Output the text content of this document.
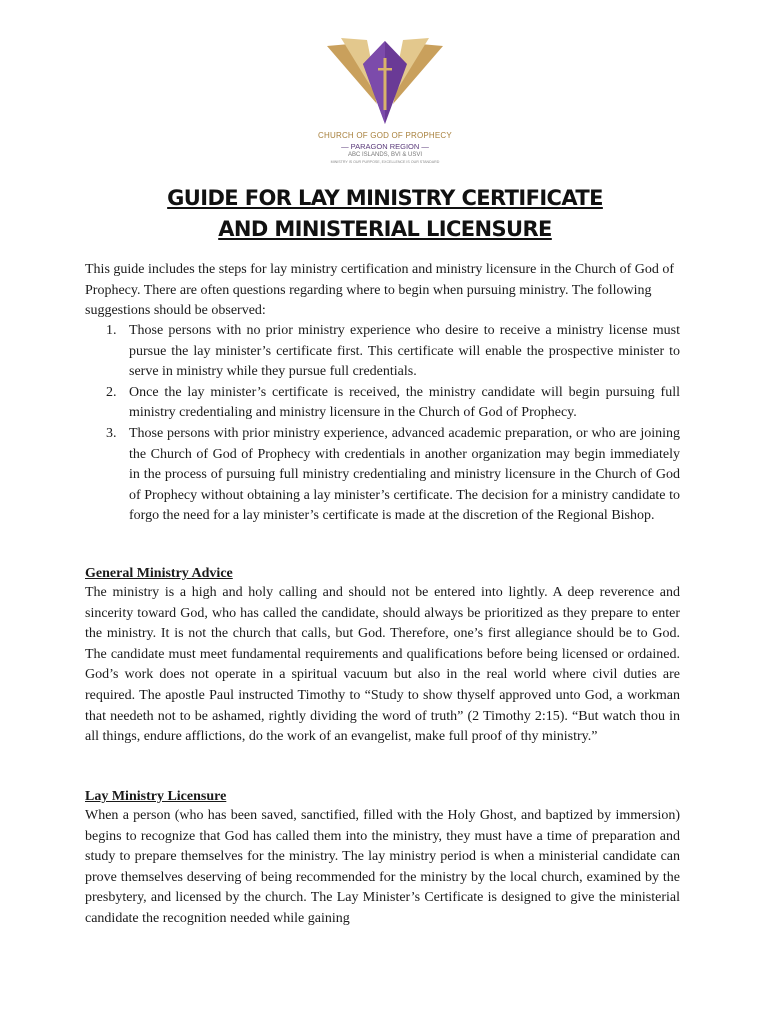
CHURCH OF GOD OF PROPHECY
— PARAGON REGION —
ABC ISLANDS, BVI & USVI
MINISTRY IS OUR PURPOSE, EXCELLENCE IS OUR STANDARD
GUIDE FOR LAY MINISTRY CERTIFICATE
AND MINISTERIAL LICENSURE
This guide includes the steps for lay ministry certification and ministry licensure in the Church of God of Prophecy. There are often questions regarding where to begin when pursuing ministry. The following suggestions should be observed:
1. Those persons with no prior ministry experience who desire to receive a ministry license must pursue the lay minister’s certificate first. This certificate will enable the prospective minister to serve in ministry while they pursue full credentials.
2. Once the lay minister’s certificate is received, the ministry candidate will begin pursuing full ministry credentialing and ministry licensure in the Church of God of Prophecy.
3. Those persons with prior ministry experience, advanced academic preparation, or who are joining the Church of God of Prophecy with credentials in another organization may begin immediately in the process of pursuing full ministry credentialing and ministry licensure in the Church of God of Prophecy without obtaining a lay minister’s certificate. The decision for a ministry candidate to forgo the need for a lay minister’s certificate is made at the discretion of the Regional Bishop.
General Ministry Advice
The ministry is a high and holy calling and should not be entered into lightly. A deep reverence and sincerity toward God, who has called the candidate, should always be prioritized as they prepare to enter the ministry. It is not the church that calls, but God. Therefore, one’s first allegiance should be to God. The candidate must meet fundamental requirements and qualifications before being licensed or ordained. God’s work does not operate in a spiritual vacuum but also in the real world where civil duties are required. The apostle Paul instructed Timothy to “Study to show thyself approved unto God, a workman that needeth not to be ashamed, rightly dividing the word of truth” (2 Timothy 2:15). “But watch thou in all things, endure afflictions, do the work of an evangelist, make full proof of thy ministry.”
Lay Ministry Licensure
When a person (who has been saved, sanctified, filled with the Holy Ghost, and baptized by immersion) begins to recognize that God has called them into the ministry, they must have a time of preparation and study to prepare themselves for the ministry. The lay ministry period is when a ministerial candidate can prove themselves deserving of being recommended for the ministry by the local church, examined by the presbytery, and licensed by the church. The Lay Minister’s Certificate is designed to give the ministerial candidate the recognition needed while gaining
